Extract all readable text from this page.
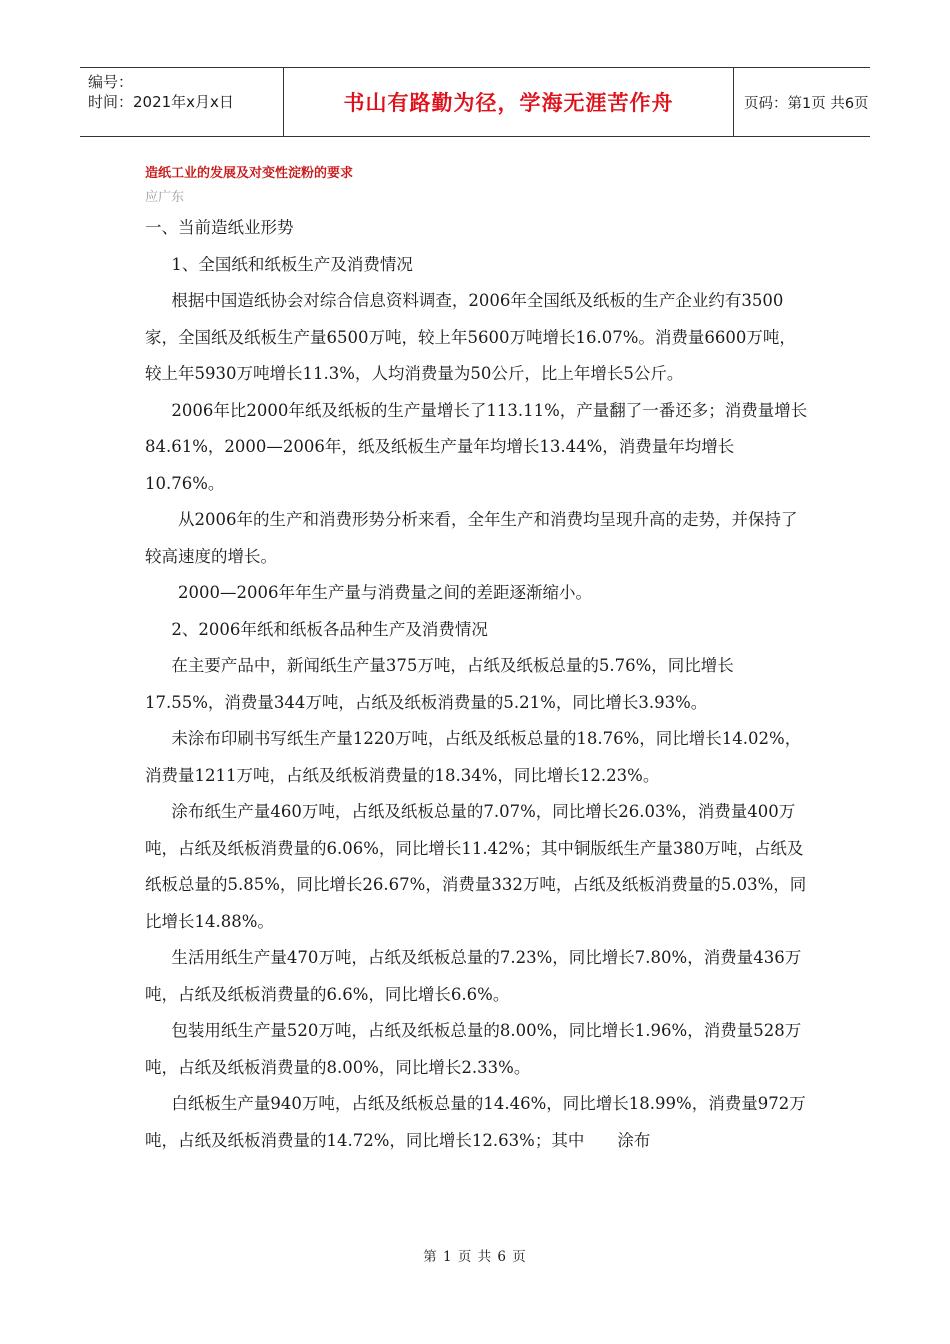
编号：
时间：2021年x月x日	书山有路勤为径，学海无涯苦作舟	页码：第1页 共6页
造纸工业的发展及对变性淀粉的要求
应广东

一、当前造纸业形势

1、全国纸和纸板生产及消费情况

根据中国造纸协会对综合信息资料调查，2006年全国纸及纸板的生产企业约有3500家，全国纸及纸板生产量6500万吨，较上年5600万吨增长16.07%。消费量6600万吨，较上年5930万吨增长11.3%，人均消费量为50公斤，比上年增长5公斤。

2006年比2000年纸及纸板的生产量增长了113.11%，产量翻了一番还多；消费量增长84.61%，2000—2006年，纸及纸板生产量年均增长13.44%，消费量年均增长10.76%。

从2006年的生产和消费形势分析来看，全年生产和消费均呈现升高的走势，并保持了较高速度的增长。

2000—2006年年生产量与消费量之间的差距逐渐缩小。

2、2006年纸和纸板各品种生产及消费情况

在主要产品中，新闻纸生产量375万吨，占纸及纸板总量的5.76%，同比增长17.55%，消费量344万吨，占纸及纸板消费量的5.21%，同比增长3.93%。

未涂布印刷书写纸生产量1220万吨，占纸及纸板总量的18.76%，同比增长14.02%，消费量1211万吨，占纸及纸板消费量的18.34%，同比增长12.23%。

涂布纸生产量460万吨，占纸及纸板总量的7.07%，同比增长26.03%，消费量400万吨，占纸及纸板消费量的6.06%，同比增长11.42%；其中铜版纸生产量380万吨，占纸及纸板总量的5.85%，同比增长26.67%，消费量332万吨，占纸及纸板消费量的5.03%，同比增长14.88%。

生活用纸生产量470万吨，占纸及纸板总量的7.23%，同比增长7.80%，消费量436万吨，占纸及纸板消费量的6.6%，同比增长6.6%。

包装用纸生产量520万吨，占纸及纸板总量的8.00%，同比增长1.96%，消费量528万吨，占纸及纸板消费量的8.00%，同比增长2.33%。

白纸板生产量940万吨，占纸及纸板总量的14.46%，同比增长18.99%，消费量972万吨，占纸及纸板消费量的14.72%，同比增长12.63%；其中　　涂布

第 1 页 共 6 页
